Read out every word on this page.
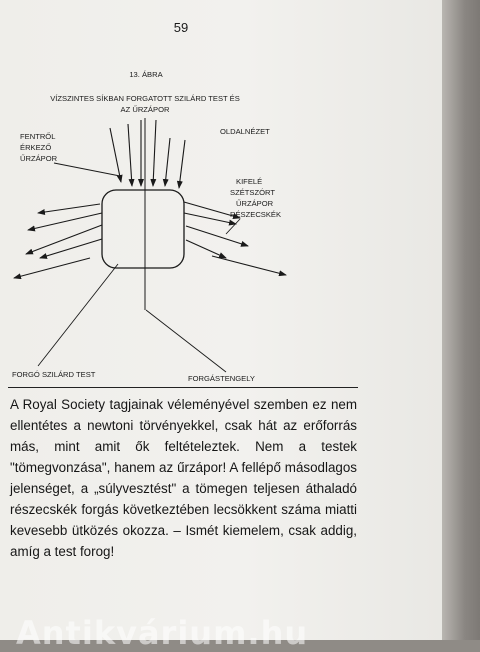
59
13. ÁBRA
VÍZSZINTES SÍKBAN FORGATOTT SZILÁRD TEST ÉS
AZ ŰRZÁPOR
OLDALNÉZET
FENTRŐL
ÉRKEZŐ
ŰRZÁPOR
KIFELÉ
SZÉTSZÓRT
ŰRZÁPOR
RÉSZECSKÉK
FORGÓ SZILÁRD TEST	FORGÁSTENGELY
A Royal Society tagjainak véleményével szemben ez nem ellentétes a newtoni törvényekkel, csak hát az erőforrás más, mint amit ők feltételeztek. Nem a testek "tömegvonzása", hanem az űrzápor! A fellépő másodlagos jelenséget, a „súlyvesztést" a tömegen teljesen áthaladó részecskék forgás következtében lecsökkent száma miatti kevesebb ütközés okozza. – Ismét kiemelem, csak addig, amíg a test forog!
Antikvárium.hu
